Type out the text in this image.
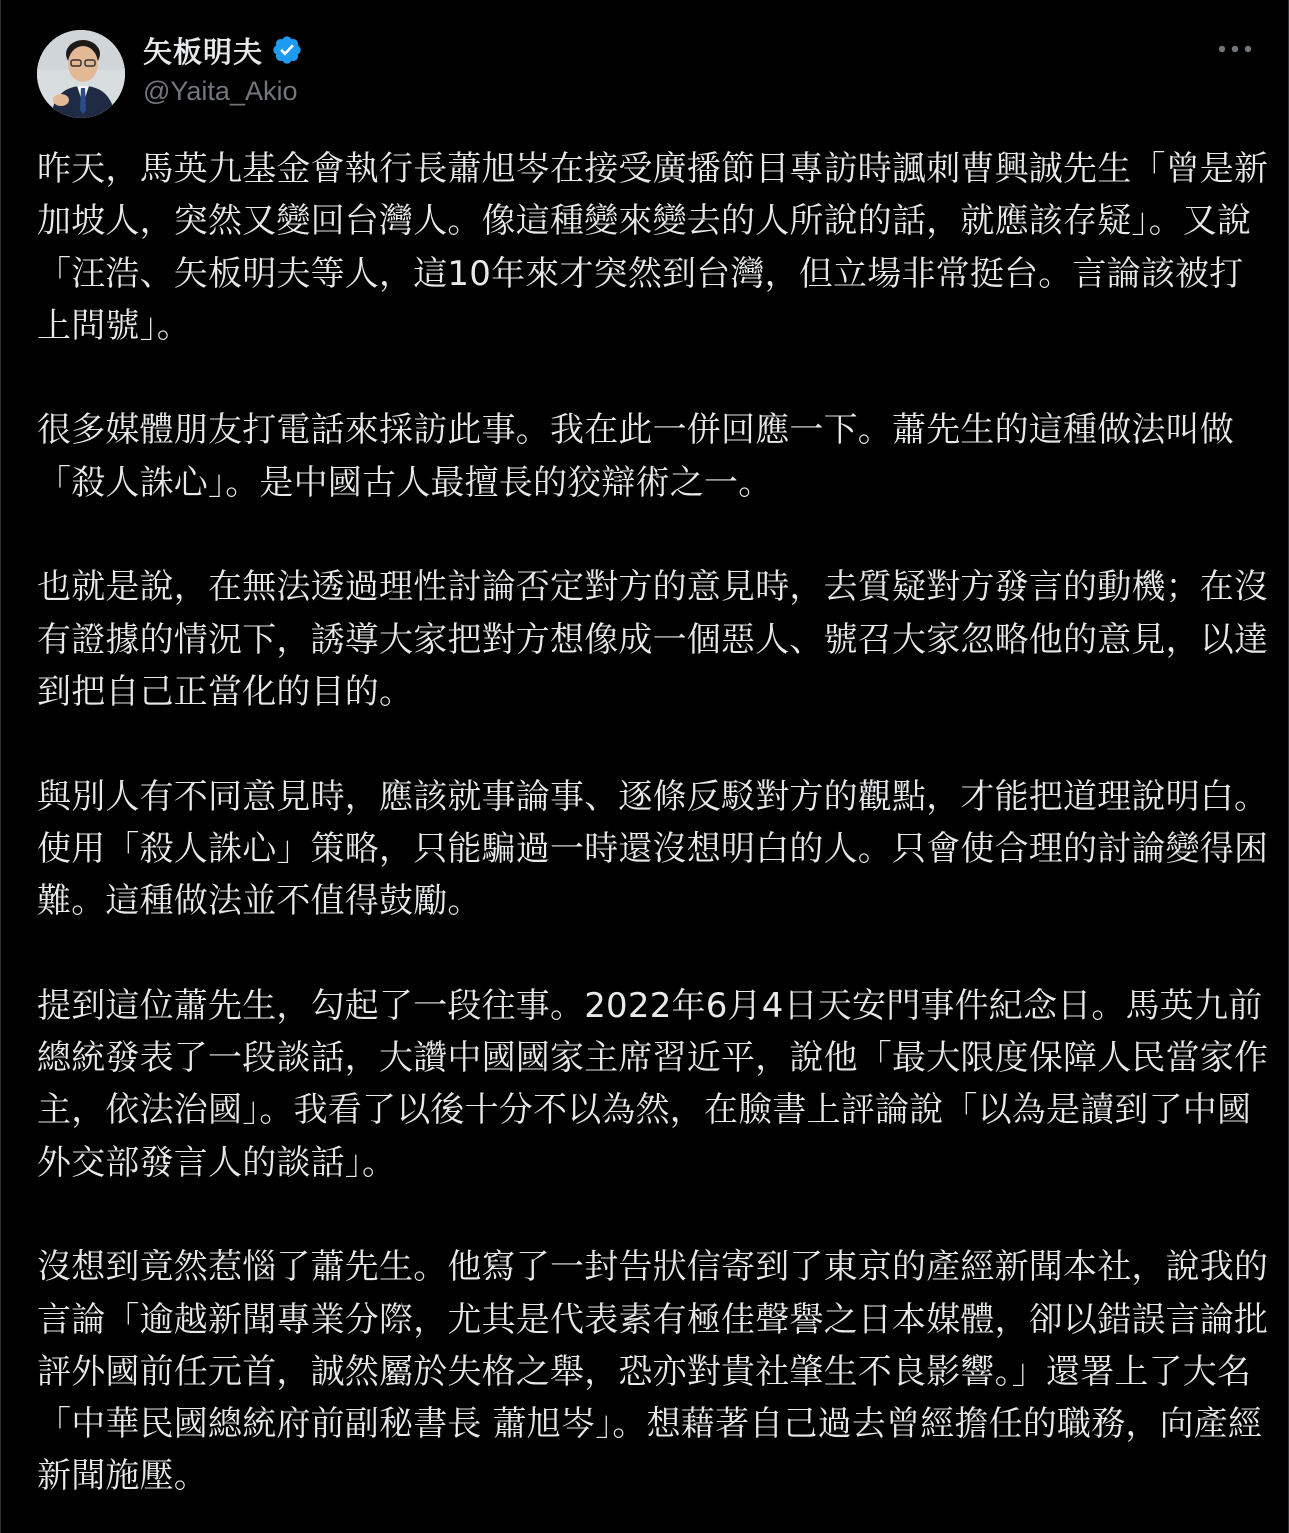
矢板明夫
@Yaita_Akio

昨天，馬英九基金會執行長蕭旭岑在接受廣播節目專訪時諷刺曹興誠先生「曾是新加坡人，突然又變回台灣人。像這種變來變去的人所說的話，就應該存疑」。又說「汪浩、矢板明夫等人，這10年來才突然到台灣，但立場非常挺台。言論該被打上問號」。

很多媒體朋友打電話來採訪此事。我在此一併回應一下。蕭先生的這種做法叫做「殺人誅心」。是中國古人最擅長的狡辯術之一。

也就是說，在無法透過理性討論否定對方的意見時，去質疑對方發言的動機；在沒有證據的情況下，誘導大家把對方想像成一個惡人、號召大家忽略他的意見，以達到把自己正當化的目的。

與別人有不同意見時，應該就事論事、逐條反駁對方的觀點，才能把道理說明白。使用「殺人誅心」策略，只能騙過一時還沒想明白的人。只會使合理的討論變得困難。這種做法並不值得鼓勵。

提到這位蕭先生，勾起了一段往事。2022年6月4日天安門事件紀念日。馬英九前總統發表了一段談話，大讚中國國家主席習近平，說他「最大限度保障人民當家作主，依法治國」。我看了以後十分不以為然，在臉書上評論說「以為是讀到了中國外交部發言人的談話」。

沒想到竟然惹惱了蕭先生。他寫了一封告狀信寄到了東京的產經新聞本社，說我的言論「逾越新聞專業分際，尤其是代表素有極佳聲譽之日本媒體，卻以錯誤言論批評外國前任元首，誠然屬於失格之舉，恐亦對貴社肇生不良影響。」還署上了大名「中華民國總統府前副秘書長 蕭旭岑」。想藉著自己過去曾經擔任的職務，向產經新聞施壓。
